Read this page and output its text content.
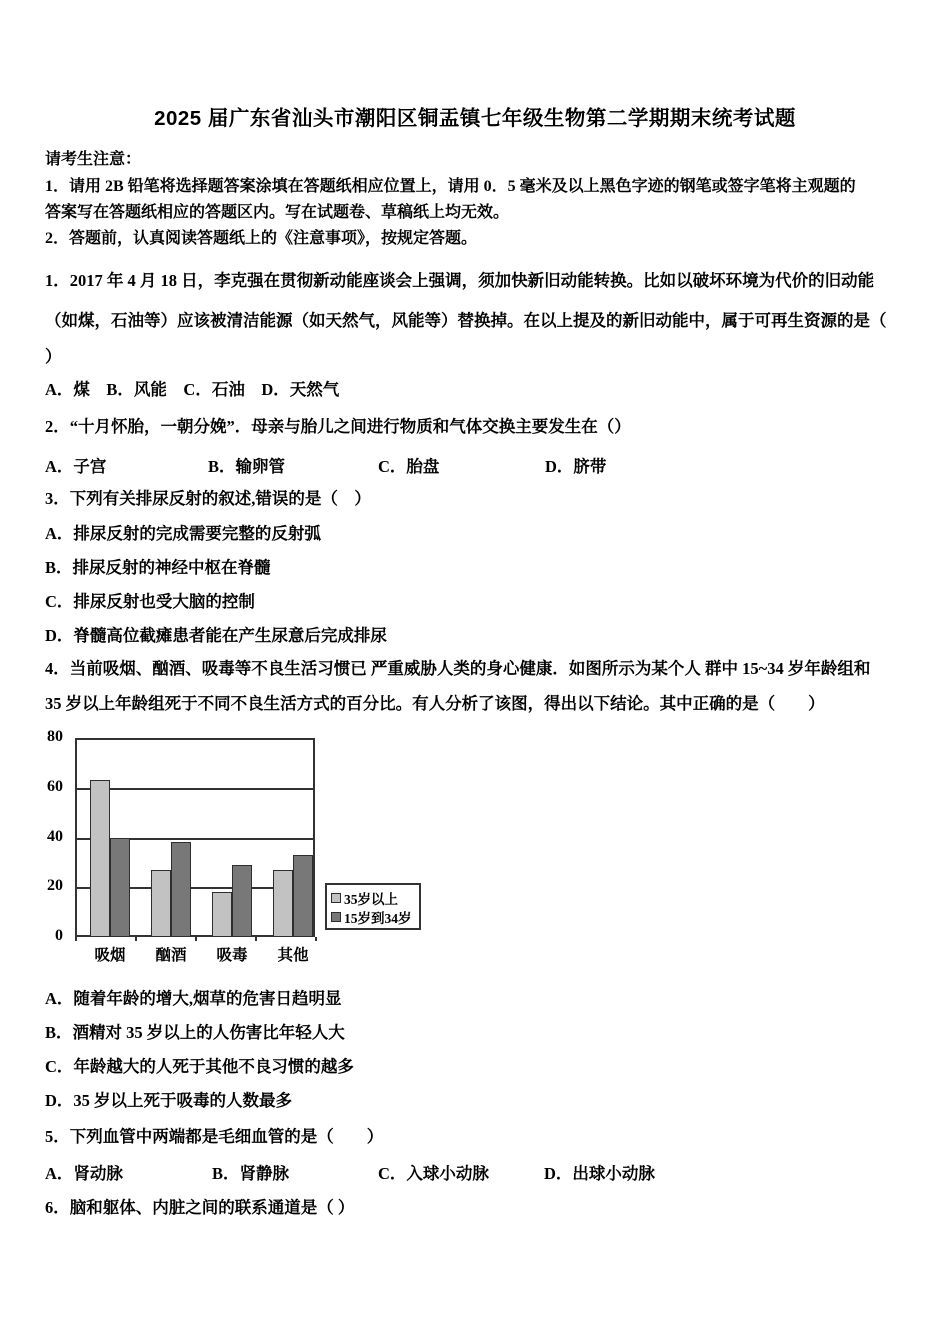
2025 届广东省汕头市潮阳区铜盂镇七年级生物第二学期期末统考试题
请考生注意：
1．请用 2B 铅笔将选择题答案涂填在答题纸相应位置上，请用 0．5 毫米及以上黑色字迹的钢笔或签字笔将主观题的
答案写在答题纸相应的答题区内。写在试题卷、草稿纸上均无效。
2．答题前，认真阅读答题纸上的《注意事项》，按规定答题。
1．2017 年 4 月 18 日，李克强在贯彻新动能座谈会上强调，须加快新旧动能转换。比如以破坏环境为代价的旧动能
（如煤，石油等）应该被清洁能源（如天然气，风能等）替换掉。在以上提及的新旧动能中，属于可再生资源的是（
）
A．煤　B．风能　C．石油　D．天然气
2．“十月怀胎，一朝分娩”．母亲与胎儿之间进行物质和气体交换主要发生在（）
A．子宫	B．输卵管	C．胎盘	D．脐带
3．下列有关排尿反射的叙述,错误的是（　）
A．排尿反射的完成需要完整的反射弧
B．排尿反射的神经中枢在脊髓
C．排尿反射也受大脑的控制
D．脊髓高位截瘫患者能在产生尿意后完成排尿
4．当前吸烟、酗酒、吸毒等不良生活习惯已 严重威胁人类的身心健康．如图所示为某个人 群中 15~34 岁年龄组和
35 岁以上年龄组死于不同不良生活方式的百分比。有人分析了该图，得出以下结论。其中正确的是（　　）
0
20
40
60
80
吸烟	酗酒	吸毒	其他
35岁以上
15岁到34岁
A．随着年龄的增大,烟草的危害日趋明显
B．酒精对 35 岁以上的人伤害比年轻人大
C．年龄越大的人死于其他不良习惯的越多
D．35 岁以上死于吸毒的人数最多
5．下列血管中两端都是毛细血管的是（　　）
A．肾动脉	B．肾静脉	C．入球小动脉	D．出球小动脉
6．脑和躯体、内脏之间的联系通道是（ ）
